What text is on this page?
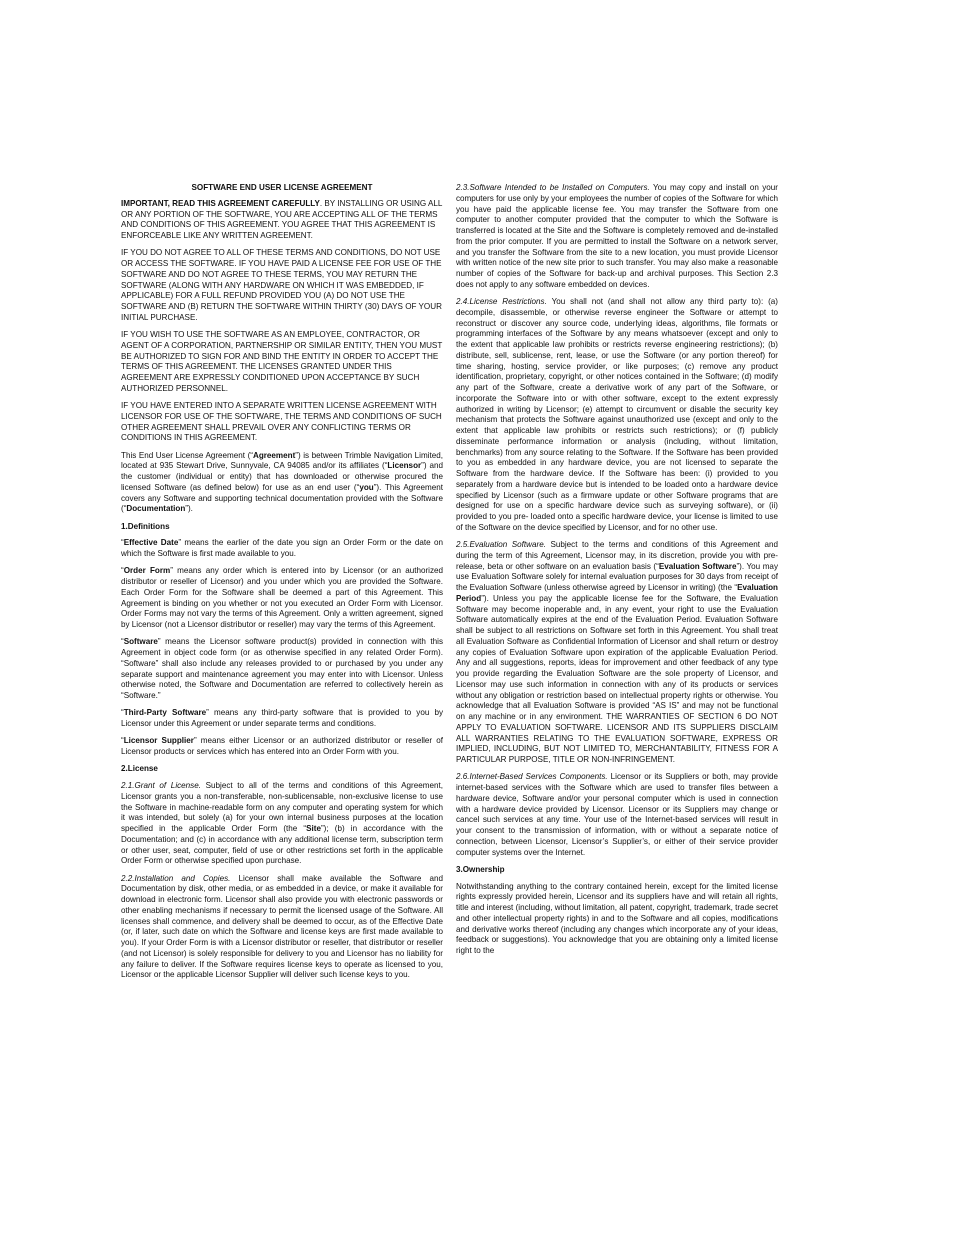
SOFTWARE END USER LICENSE AGREEMENT

IMPORTANT, READ THIS AGREEMENT CAREFULLY. BY INSTALLING OR USING ALL OR ANY PORTION OF THE SOFTWARE, YOU ARE ACCEPTING ALL OF THE TERMS AND CONDITIONS OF THIS AGREEMENT. YOU AGREE THAT THIS AGREEMENT IS ENFORCEABLE LIKE ANY WRITTEN AGREEMENT.

IF YOU DO NOT AGREE TO ALL OF THESE TERMS AND CONDITIONS, DO NOT USE OR ACCESS THE SOFTWARE. IF YOU HAVE PAID A LICENSE FEE FOR USE OF THE SOFTWARE AND DO NOT AGREE TO THESE TERMS, YOU MAY RETURN THE SOFTWARE (ALONG WITH ANY HARDWARE ON WHICH IT WAS EMBEDDED, IF APPLICABLE) FOR A FULL REFUND PROVIDED YOU (A) DO NOT USE THE SOFTWARE AND (B) RETURN THE SOFTWARE WITHIN THIRTY (30) DAYS OF YOUR INITIAL PURCHASE.

IF YOU WISH TO USE THE SOFTWARE AS AN EMPLOYEE, CONTRACTOR, OR AGENT OF A CORPORATION, PARTNERSHIP OR SIMILAR ENTITY, THEN YOU MUST BE AUTHORIZED TO SIGN FOR AND BIND THE ENTITY IN ORDER TO ACCEPT THE TERMS OF THIS AGREEMENT. THE LICENSES GRANTED UNDER THIS AGREEMENT ARE EXPRESSLY CONDITIONED UPON ACCEPTANCE BY SUCH AUTHORIZED PERSONNEL.

IF YOU HAVE ENTERED INTO A SEPARATE WRITTEN LICENSE AGREEMENT WITH LICENSOR FOR USE OF THE SOFTWARE, THE TERMS AND CONDITIONS OF SUCH OTHER AGREEMENT SHALL PREVAIL OVER ANY CONFLICTING TERMS OR CONDITIONS IN THIS AGREEMENT.

This End User License Agreement (“Agreement”) is between Trimble Navigation Limited, located at 935 Stewart Drive, Sunnyvale, CA 94085 and/or its affiliates (“Licensor”) and the customer (individual or entity) that has downloaded or otherwise procured the licensed Software (as defined below) for use as an end user (“you”). This Agreement covers any Software and supporting technical documentation provided with the Software (“Documentation”).

1.Definitions

“Effective Date” means the earlier of the date you sign an Order Form or the date on which the Software is first made available to you.

“Order Form” means any order which is entered into by Licensor (or an authorized distributor or reseller of Licensor) and you under which you are provided the Software. Each Order Form for the Software shall be deemed a part of this Agreement. This Agreement is binding on you whether or not you executed an Order Form with Licensor. Order Forms may not vary the terms of this Agreement. Only a written agreement, signed by Licensor (not a Licensor distributor or reseller) may vary the terms of this Agreement.

“Software” means the Licensor software product(s) provided in connection with this Agreement in object code form (or as otherwise specified in any related Order Form). “Software” shall also include any releases provided to or purchased by you under any separate support and maintenance agreement you may enter into with Licensor. Unless otherwise noted, the Software and Documentation are referred to collectively herein as “Software.”

“Third-Party Software” means any third-party software that is provided to you by Licensor under this Agreement or under separate terms and conditions.

“Licensor Supplier” means either Licensor or an authorized distributor or reseller of Licensor products or services which has entered into an Order Form with you.

2.License

2.1.Grant of License. Subject to all of the terms and conditions of this Agreement, Licensor grants you a non-transferable, non-sublicensable, non-exclusive license to use the Software in machine-readable form on any computer and operating system for which it was intended, but solely (a) for your own internal business purposes at the location specified in the applicable Order Form (the “Site”); (b) in accordance with the Documentation; and (c) in accordance with any additional license term, subscription term or other user, seat, computer, field of use or other restrictions set forth in the applicable Order Form or otherwise specified upon purchase.

2.2.Installation and Copies. Licensor shall make available the Software and Documentation by disk, other media, or as embedded in a device, or make it available for download in electronic form. Licensor shall also provide you with electronic passwords or other enabling mechanisms if necessary to permit the licensed usage of the Software. All licenses shall commence, and delivery shall be deemed to occur, as of the Effective Date (or, if later, such date on which the Software and license keys are first made available to you). If your Order Form is with a Licensor distributor or reseller, that distributor or reseller (and not Licensor) is solely responsible for delivery to you and Licensor has no liability for any failure to deliver. If the Software requires license keys to operate as licensed to you, Licensor or the applicable Licensor Supplier will deliver such license keys to you.

2.3.Software Intended to be Installed on Computers. You may copy and install on your computers for use only by your employees the number of copies of the Software for which you have paid the applicable license fee. You may transfer the Software from one computer to another computer provided that the computer to which the Software is transferred is located at the Site and the Software is completely removed and de-installed from the prior computer. If you are permitted to install the Software on a network server, and you transfer the Software from the site to a new location, you must provide Licensor with written notice of the new site prior to such transfer. You may also make a reasonable number of copies of the Software for back-up and archival purposes. This Section 2.3 does not apply to any software embedded on devices.

2.4.License Restrictions. You shall not (and shall not allow any third party to): (a) decompile, disassemble, or otherwise reverse engineer the Software or attempt to reconstruct or discover any source code, underlying ideas, algorithms, file formats or programming interfaces of the Software by any means whatsoever (except and only to the extent that applicable law prohibits or restricts reverse engineering restrictions); (b) distribute, sell, sublicense, rent, lease, or use the Software (or any portion thereof) for time sharing, hosting, service provider, or like purposes; (c) remove any product identification, proprietary, copyright, or other notices contained in the Software; (d) modify any part of the Software, create a derivative work of any part of the Software, or incorporate the Software into or with other software, except to the extent expressly authorized in writing by Licensor; (e) attempt to circumvent or disable the security key mechanism that protects the Software against unauthorized use (except and only to the extent that applicable law prohibits or restricts such restrictions); or (f) publicly disseminate performance information or analysis (including, without limitation, benchmarks) from any source relating to the Software. If the Software has been provided to you as embedded in any hardware device, you are not licensed to separate the Software from the hardware device. If the Software has been: (i) provided to you separately from a hardware device but is intended to be loaded onto a hardware device specified by Licensor (such as a firmware update or other Software programs that are designed for use on a specific hardware device such as surveying software), or (ii) provided to you pre- loaded onto a specific hardware device, your license is limited to use of the Software on the device specified by Licensor, and for no other use.

2.5.Evaluation Software. Subject to the terms and conditions of this Agreement and during the term of this Agreement, Licensor may, in its discretion, provide you with pre-release, beta or other software on an evaluation basis (“Evaluation Software”). You may use Evaluation Software solely for internal evaluation purposes for 30 days from receipt of the Evaluation Software (unless otherwise agreed by Licensor in writing) (the “Evaluation Period”). Unless you pay the applicable license fee for the Software, the Evaluation Software may become inoperable and, in any event, your right to use the Evaluation Software automatically expires at the end of the Evaluation Period. Evaluation Software shall be subject to all restrictions on Software set forth in this Agreement. You shall treat all Evaluation Software as Confidential Information of Licensor and shall return or destroy any copies of Evaluation Software upon expiration of the applicable Evaluation Period. Any and all suggestions, reports, ideas for improvement and other feedback of any type you provide regarding the Evaluation Software are the sole property of Licensor, and Licensor may use such information in connection with any of its products or services without any obligation or restriction based on intellectual property rights or otherwise. You acknowledge that all Evaluation Software is provided “AS IS” and may not be functional on any machine or in any environment. THE WARRANTIES OF SECTION 6 DO NOT APPLY TO EVALUATION SOFTWARE. LICENSOR AND ITS SUPPLIERS DISCLAIM ALL WARRANTIES RELATING TO THE EVALUATION SOFTWARE, EXPRESS OR IMPLIED, INCLUDING, BUT NOT LIMITED TO, MERCHANTABILITY, FITNESS FOR A PARTICULAR PURPOSE, TITLE OR NON-INFRINGEMENT.

2.6.Internet-Based Services Components. Licensor or its Suppliers or both, may provide internet-based services with the Software which are used to transfer files between a hardware device, Software and/or your personal computer which is used in connection with a hardware device provided by Licensor. Licensor or its Suppliers may change or cancel such services at any time. Your use of the Internet-based services will result in your consent to the transmission of information, with or without a separate notice of connection, between Licensor, Licensor’s Supplier’s, or either of their service provider computer systems over the Internet.

3.Ownership

Notwithstanding anything to the contrary contained herein, except for the limited license rights expressly provided herein, Licensor and its suppliers have and will retain all rights, title and interest (including, without limitation, all patent, copyright, trademark, trade secret and other intellectual property rights) in and to the Software and all copies, modifications and derivative works thereof (including any changes which incorporate any of your ideas, feedback or suggestions). You acknowledge that you are obtaining only a limited license right to the
